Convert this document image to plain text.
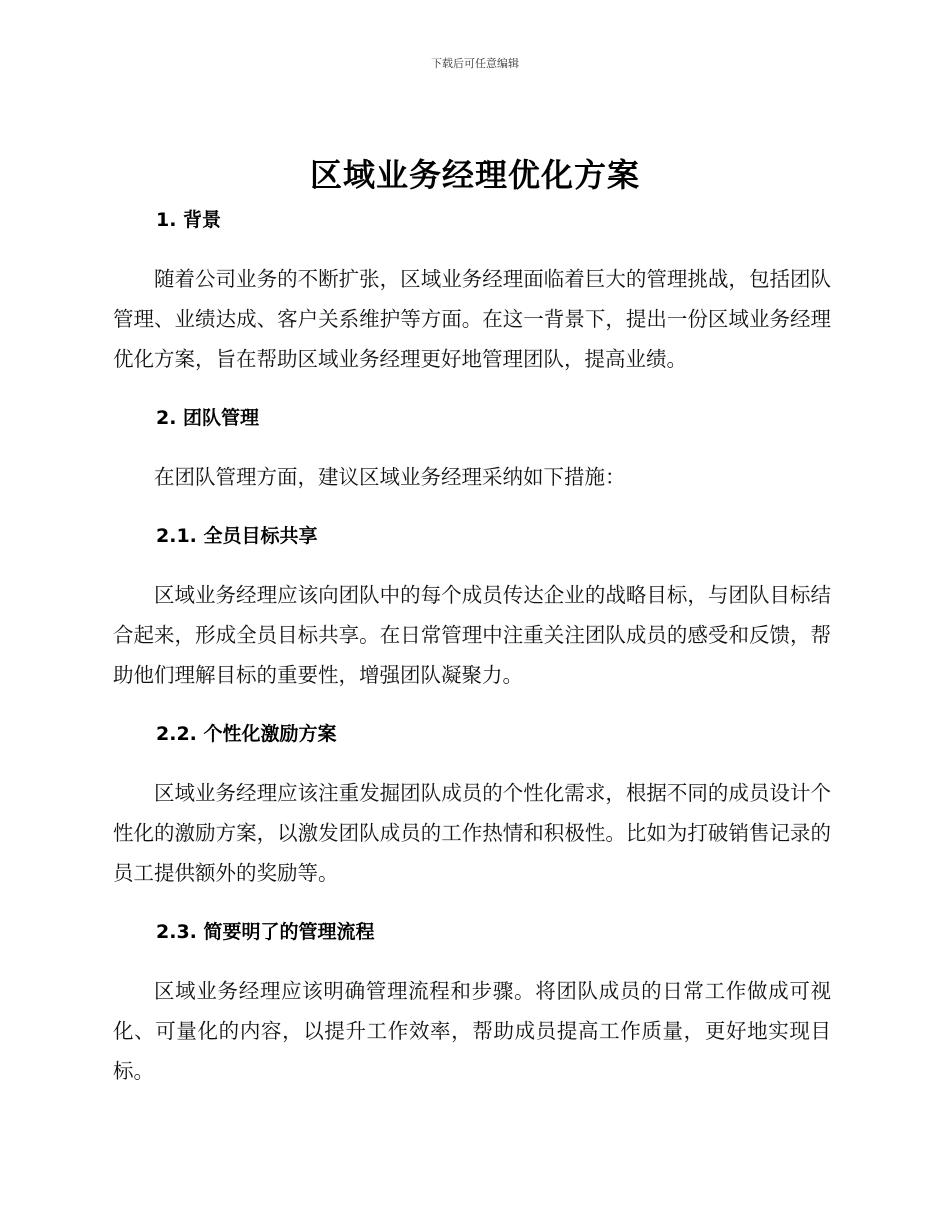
下载后可任意编辑
区域业务经理优化方案
1. 背景

随着公司业务的不断扩张，区域业务经理面临着巨大的管理挑战，包括团队管理、业绩达成、客户关系维护等方面。在这一背景下，提出一份区域业务经理优化方案，旨在帮助区域业务经理更好地管理团队，提高业绩。

2. 团队管理

在团队管理方面，建议区域业务经理采纳如下措施：

2.1. 全员目标共享

区域业务经理应该向团队中的每个成员传达企业的战略目标，与团队目标结合起来，形成全员目标共享。在日常管理中注重关注团队成员的感受和反馈，帮助他们理解目标的重要性，增强团队凝聚力。

2.2. 个性化激励方案

区域业务经理应该注重发掘团队成员的个性化需求，根据不同的成员设计个性化的激励方案，以激发团队成员的工作热情和积极性。比如为打破销售记录的员工提供额外的奖励等。

2.3. 简要明了的管理流程

区域业务经理应该明确管理流程和步骤。将团队成员的日常工作做成可视化、可量化的内容，以提升工作效率，帮助成员提高工作质量，更好地实现目标。
